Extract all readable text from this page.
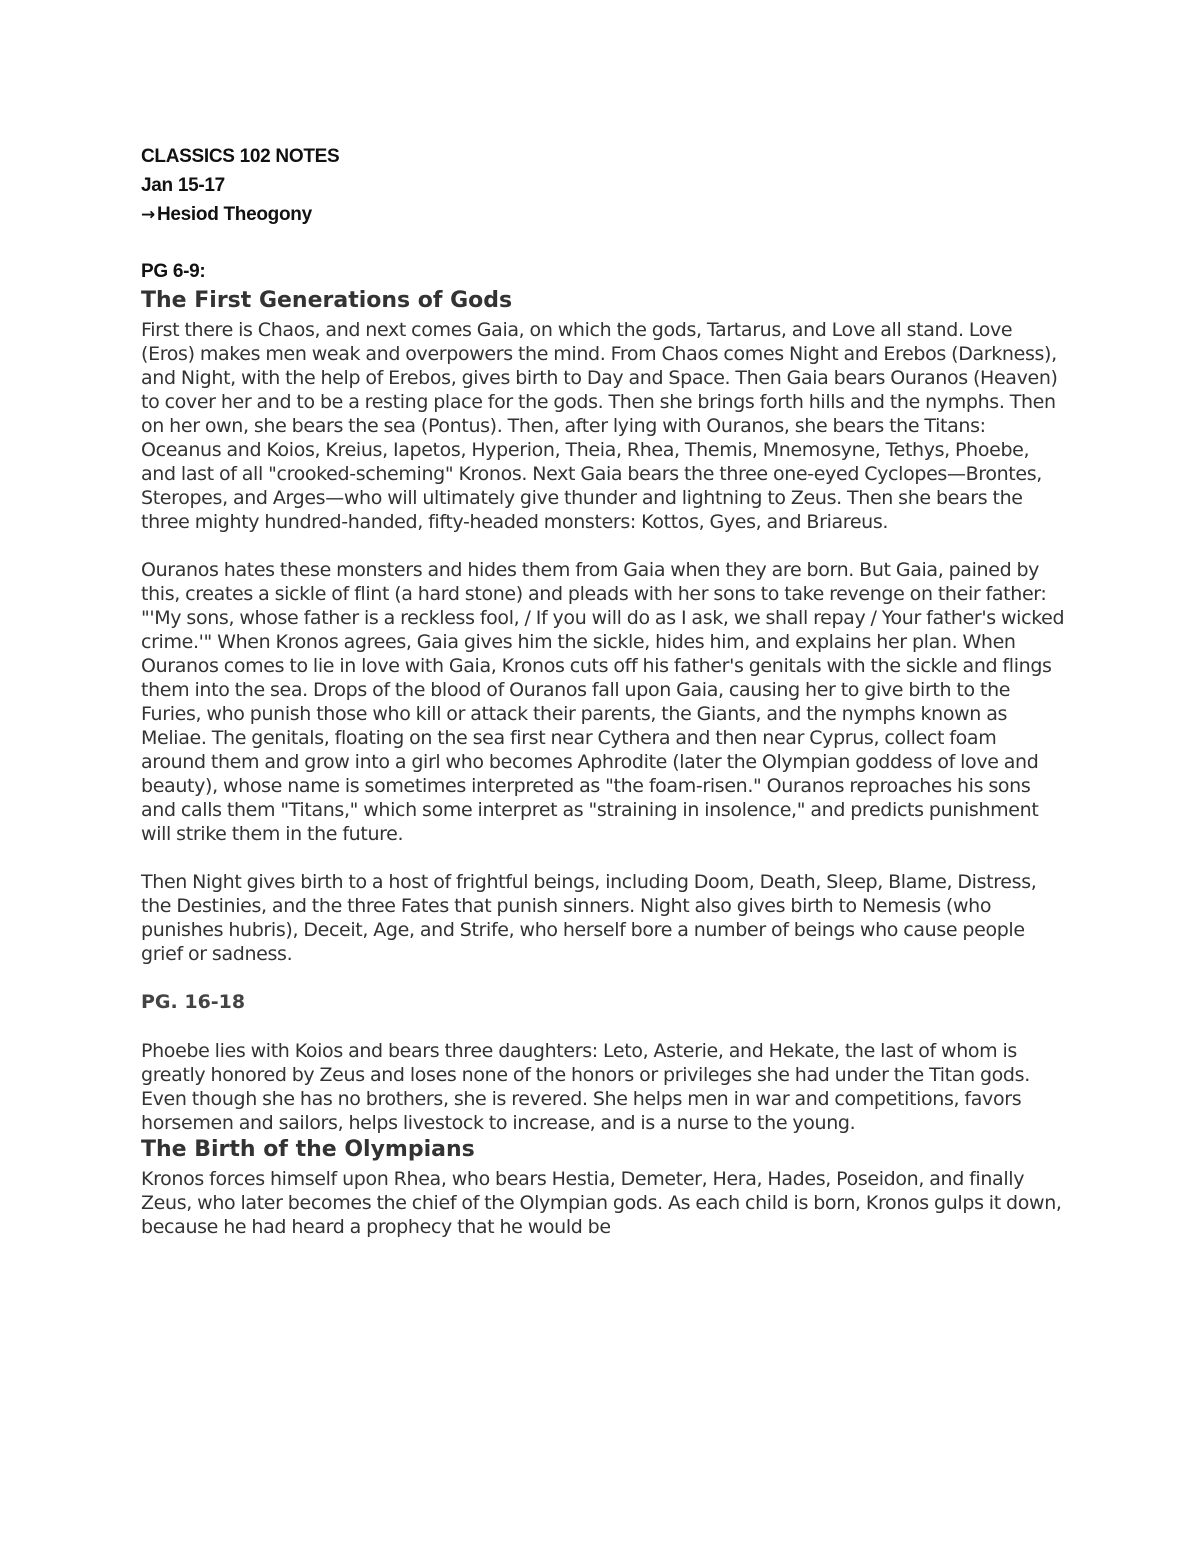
CLASSICS 102 NOTES
Jan 15-17
→ Hesiod Theogony
PG 6-9:
The First Generations of Gods

First there is Chaos, and next comes Gaia, on which the gods, Tartarus, and Love all stand. Love (Eros) makes men weak and overpowers the mind. From Chaos comes Night and Erebos (Darkness), and Night, with the help of Erebos, gives birth to Day and Space. Then Gaia bears Ouranos (Heaven) to cover her and to be a resting place for the gods. Then she brings forth hills and the nymphs. Then on her own, she bears the sea (Pontus). Then, after lying with Ouranos, she bears the Titans: Oceanus and Koios, Kreius, Iapetos, Hyperion, Theia, Rhea, Themis, Mnemosyne, Tethys, Phoebe, and last of all "crooked-scheming" Kronos. Next Gaia bears the three one-eyed Cyclopes—Brontes, Steropes, and Arges—who will ultimately give thunder and lightning to Zeus. Then she bears the three mighty hundred-handed, fifty-headed monsters: Kottos, Gyes, and Briareus.

Ouranos hates these monsters and hides them from Gaia when they are born. But Gaia, pained by this, creates a sickle of flint (a hard stone) and pleads with her sons to take revenge on their father: "'My sons, whose father is a reckless fool, / If you will do as I ask, we shall repay / Your father's wicked crime.'" When Kronos agrees, Gaia gives him the sickle, hides him, and explains her plan. When Ouranos comes to lie in love with Gaia, Kronos cuts off his father's genitals with the sickle and flings them into the sea. Drops of the blood of Ouranos fall upon Gaia, causing her to give birth to the Furies, who punish those who kill or attack their parents, the Giants, and the nymphs known as Meliae. The genitals, floating on the sea first near Cythera and then near Cyprus, collect foam around them and grow into a girl who becomes Aphrodite (later the Olympian goddess of love and beauty), whose name is sometimes interpreted as "the foam-risen." Ouranos reproaches his sons and calls them "Titans," which some interpret as "straining in insolence," and predicts punishment will strike them in the future.

Then Night gives birth to a host of frightful beings, including Doom, Death, Sleep, Blame, Distress, the Destinies, and the three Fates that punish sinners. Night also gives birth to Nemesis (who punishes hubris), Deceit, Age, and Strife, who herself bore a number of beings who cause people grief or sadness.

PG. 16-18

Phoebe lies with Koios and bears three daughters: Leto, Asterie, and Hekate, the last of whom is greatly honored by Zeus and loses none of the honors or privileges she had under the Titan gods. Even though she has no brothers, she is revered. She helps men in war and competitions, favors horsemen and sailors, helps livestock to increase, and is a nurse to the young.

The Birth of the Olympians

Kronos forces himself upon Rhea, who bears Hestia, Demeter, Hera, Hades, Poseidon, and finally Zeus, who later becomes the chief of the Olympian gods. As each child is born, Kronos gulps it down, because he had heard a prophecy that he would be
